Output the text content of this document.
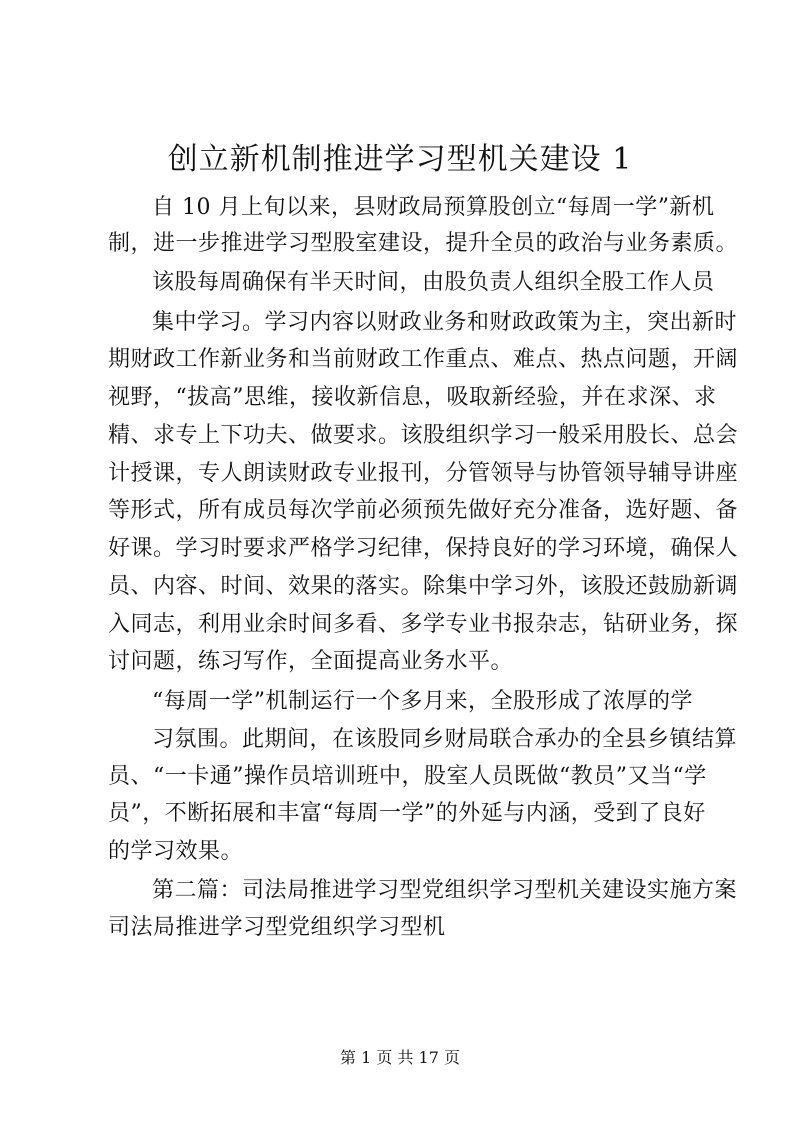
创立新机制推进学习型机关建设 1

自 10 月上旬以来，县财政局预算股创立“每周一学”新机

制，进一步推进学习型股室建设，提升全员的政治与业务素质。

该股每周确保有半天时间，由股负责人组织全股工作人员

集中学习。学习内容以财政业务和财政政策为主，突出新时

期财政工作新业务和当前财政工作重点、难点、热点问题，开阔

视野，“拔高”思维，接收新信息，吸取新经验，并在求深、求

精、求专上下功夫、做要求。该股组织学习一般采用股长、总会

计授课，专人朗读财政专业报刊，分管领导与协管领导辅导讲座

等形式，所有成员每次学前必须预先做好充分准备，选好题、备

好课。学习时要求严格学习纪律，保持良好的学习环境，确保人

员、内容、时间、效果的落实。除集中学习外，该股还鼓励新调

入同志，利用业余时间多看、多学专业书报杂志，钻研业务，探

讨问题，练习写作，全面提高业务水平。

“每周一学”机制运行一个多月来，全股形成了浓厚的学

习氛围。此期间，在该股同乡财局联合承办的全县乡镇结算

员、“一卡通”操作员培训班中，股室人员既做“教员”又当“学

员”，不断拓展和丰富“每周一学”的外延与内涵，受到了良好

的学习效果。

第二篇：司法局推进学习型党组织学习型机关建设实施方案

司法局推进学习型党组织学习型机

第 1 页 共 17 页
